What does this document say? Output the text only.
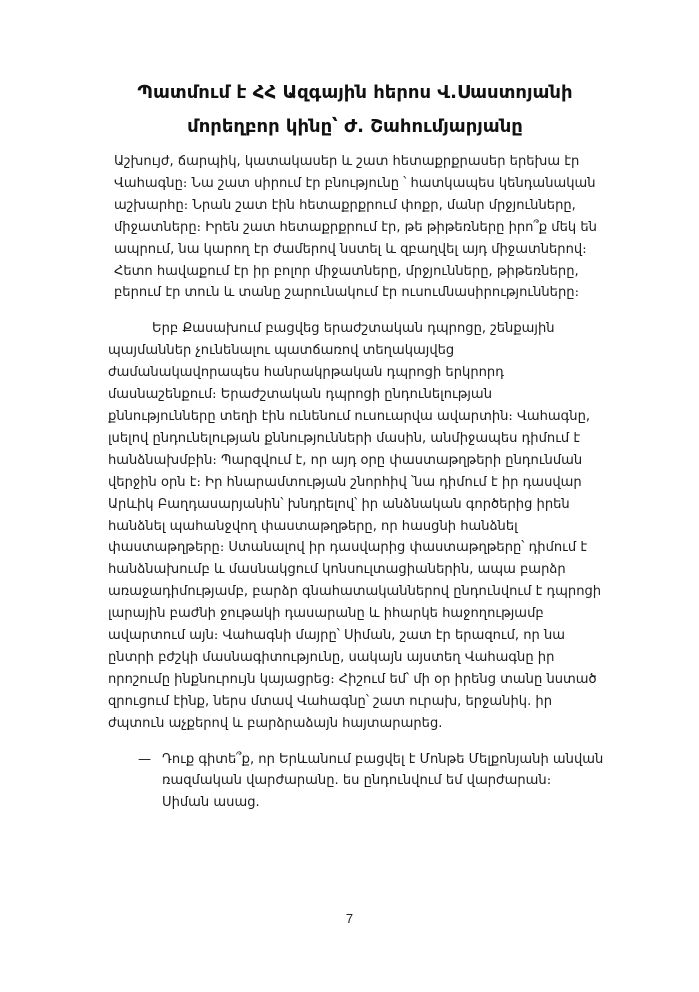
Պատմում է ՀՀ Ազգային հերոս Վ.Սաստոյանի
մորեղբոր կինը՝ Ժ. Շահումյարյանը

Աշխույժ, ճարպիկ, կատակասեր և շատ հետաքրքրասեր երեխա էր
Վահագնը։ Նա շատ սիրում էր բնությունը ՝ հատկապես կենդանական
աշխարհը։ Նրան շատ էին հետաքրքրում փոքր, մանր մրջյունները,
միջատները։ Իրեն շատ հետաքրքրում էր, թե թիթեռները իրո՞ք մեկ են
ապրում, նա կարող էր ժամերով նստել և զբաղվել այդ միջատներով։
Հետո հավաքում էր իր բոլոր միջատները, մրջյունները, թիթեռները,
բերում էր տուն և տանը շարունակում էր ուսումնասիրությունները։

Երբ Քասախում բացվեց երաժշտական դպրոցը, շենքային
պայմաններ չունենալու պատճառով տեղակայվեց
ժամանակավորապես հանրակրթական դպրոցի երկրորդ
մասնաշենքում։ Երաժշտական դպրոցի ընդունելության
քննությունները տեղի էին ունենում ուսուարվա ավարտին։ Վահագնը,
լսելով ընդունելության քննությունների մասին, անմիջապես դիմում է
հանձնախմբին։ Պարզվում է, որ այդ օրը փաստաթղթերի ընդունման
վերջին օրն է։ Իր հնարամտության շնորհիվ ՝նա դիմում է իր դասվար
Արևիկ Բաղդասարյանին՝ խնդրելով՝ իր անձնական գործերից իրեն
հանձնել պահանջվող փաստաթղթերը, որ հասցնի հանձնել
փաստաթղթերը։ Ստանալով իր դասվարից փաստաթղթերը՝ դիմում է
հանձնախումբ և մասնակցում կոնսուլտացիաներին, ապա բարձր
առաջադիմությամբ, բարձր գնահատականներով ընդունվում է դպրոցի
լարային բաժնի ջութակի դասարանը և իհարկե հաջողությամբ
ավարտում այն։ Վահագնի մայրը՝ Սիման, շատ էր երազում, որ նա
ընտրի բժշկի մասնագիտությունը, սակայն այստեղ Վահագնը իր
որոշումը ինքնուրույն կայացրեց։ Հիշում եմ՝ մի օր իրենց տանը նստած
զրուցում էինք, ներս մտավ Վահագնը՝ շատ ուրախ, երջանիկ. իր
ժպտուն աչքերով և բարձրաձայն հայտարարեց.

— Դուք գիտե՞ք, որ Երևանում բացվել է Մոնթե Մելքոնյանի անվան
ռազմական վարժարանը. ես ընդունվում եմ վարժարան։
Սիման ասաց.
7
